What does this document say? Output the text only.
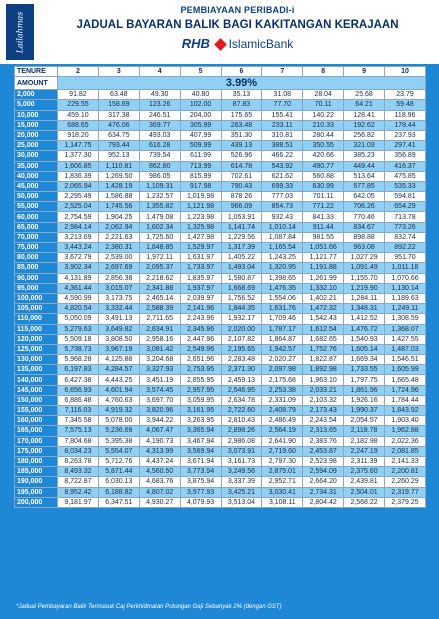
Lailahmas
PEMBIAYAAN PERIBADI-i
JADUAL BAYARAN BALIK BAGI KAKITANGAN KERAJAAN
RHB IslamicBank
TENURE	2	3	4	5	6	7	8	9	10
AMOUNT	3.99%								
2,000	91.82	63.48	49.30	40.80	35.13	31.08	28.04	25.68	23.79
5,000	229.55	158.69	123.26	102.00	87.83	77.70	70.11	64.21	59.48
10,000	459.10	317.38	246.51	204.00	175.65	155.41	140.22	128.41	118.96
15,000	688.65	476.06	369.77	305.99	263.48	233.11	210.33	192.62	178.44
20,000	918.20	634.75	493.03	407.99	351.30	310.81	280.44	256.82	237.93
25,000	1,147.75	793.44	616.28	509.99	439.13	388.51	350.55	321.03	297.41
30,000	1,377.30	952.13	739.54	611.99	526.96	466.22	420.66	385.23	356.89
35,000	1,606.85	1,110.81	862.80	713.99	614.78	543.92	490.77	449.44	416.37
40,000	1,836.39	1,269.50	986.05	815.99	702.61	621.62	560.88	513.64	475.85
45,000	2,065.94	1,428.19	1,109.31	917.98	790.43	699.33	630.99	577.85	535.33
50,000	2,295.49	1,586.88	1,232.57	1,019.98	878.26	777.03	701.11	642.05	594.81
55,000	2,525.04	1,745.56	1,355.82	1,121.98	966.09	854.73	771.22	706.26	654.29
60,000	2,754.59	1,904.25	1,479.08	1,223.98	1,053.91	932.43	841.33	770.46	713.78
65,000	2,984.14	2,062.94	1,602.34	1,325.98	1,141.74	1,010.14	911.44	834.67	773.26
70,000	3,213.69	2,221.63	1,725.60	1,427.98	1,229.56	1,087.84	981.55	898.88	832.74
75,000	3,443.24	2,380.31	1,848.85	1,529.97	1,317.39	1,165.54	1,051.66	963.08	892.22
80,000	3,672.79	2,539.00	1,972.11	1,631.97	1,405.22	1,243.25	1,121.77	1,027.29	951.70
85,000	3,902.34	2,697.69	2,095.37	1,733.97	1,493.04	1,320.95	1,191.88	1,091.49	1,011.18
90,000	4,131.89	2,856.38	2,218.62	1,835.97	1,580.87	1,398.65	1,261.99	1,155.70	1,070.66
95,000	4,361.44	3,015.07	2,341.88	1,937.97	1,668.69	1,476.35	1,332.10	1,219.90	1,130.14
100,000	4,590.99	3,173.75	2,465.14	2,039.97	1,756.52	1,554.06	1,402.21	1,284.11	1,189.63
105,000	4,820.54	3,332.44	2,588.39	2,141.96	1,844.35	1,631.76	1,472.32	1,348.31	1,249.11
110,000	5,050.09	3,491.13	2,711.65	2,243.96	1,932.17	1,709.46	1,542.43	1,412.52	1,308.59
115,000	5,279.63	3,649.82	2,834.91	2,345.96	2,020.00	1,787.17	1,612.54	1,476.72	1,368.07
120,000	5,509.18	3,808.50	2,958.16	2,447.96	2,107.82	1,864.87	1,682.65	1,540.93	1,427.55
125,000	5,738.73	3,967.19	3,081.42	2,549.96	2,195.65	1,942.57	1,752.76	1,605.14	1,487.03
130,000	5,968.28	4,125.88	3,204.68	2,651.96	2,283.48	2,020.27	1,822.87	1,669.34	1,546.51
135,000	6,197.83	4,284.57	3,327.93	2,753.95	2,371.30	2,097.98	1,892.98	1,733.55	1,605.99
140,000	6,427.38	4,443.25	3,451.19	2,855.95	2,459.13	2,175.68	1,963.10	1,797.75	1,665.48
145,000	6,656.93	4,601.94	3,574.45	2,957.95	2,546.95	2,253.38	2,033.21	1,861.96	1,724.96
150,000	6,886.48	4,760.63	3,697.70	3,059.95	2,634.78	2,331.09	2,103.32	1,926.16	1,784.44
155,000	7,116.03	4,919.32	3,820.96	3,161.95	2,722.60	2,408.79	2,173.43	1,990.37	1,843.92
160,000	7,345.58	5,078.00	3,944.22	3,263.95	2,810.43	2,486.49	2,243.54	2,054.57	1,903.40
165,000	7,575.13	5,236.69	4,067.47	3,365.94	2,898.26	2,564.19	2,313.65	2,118.78	1,962.88
170,000	7,804.68	5,395.38	4,190.73	3,467.94	2,986.08	2,641.90	2,383.76	2,182.98	2,022.36
175,000	8,034.23	5,554.07	4,313.99	3,569.94	3,073.91	2,719.60	2,453.87	2,247.19	2,081.85
180,000	8,263.78	5,712.76	4,437.24	3,671.94	3,161.73	2,797.30	2,523.98	2,311.39	2,141.33
185,000	8,493.32	5,871.44	4,560.50	3,773.94	3,249.56	2,875.01	2,594.09	2,375.60	2,200.81
190,000	8,722.87	6,030.13	4,683.76	3,875.94	3,337.39	2,952.71	2,664.20	2,439.81	2,260.29
195,000	8,952.42	6,188.82	4,807.02	3,977.93	3,425.21	3,030.41	2,734.31	2,504.01	2,319.77
200,000	9,181.97	6,347.51	4,930.27	4,079.93	3,513.04	3,108.11	2,804.42	2,568.22	2,379.25
*Jadual Pembayaran Balik Termasuk Caj Perkhidmatan Potongan Gaji Sebanyak 2% (dengan GST)
